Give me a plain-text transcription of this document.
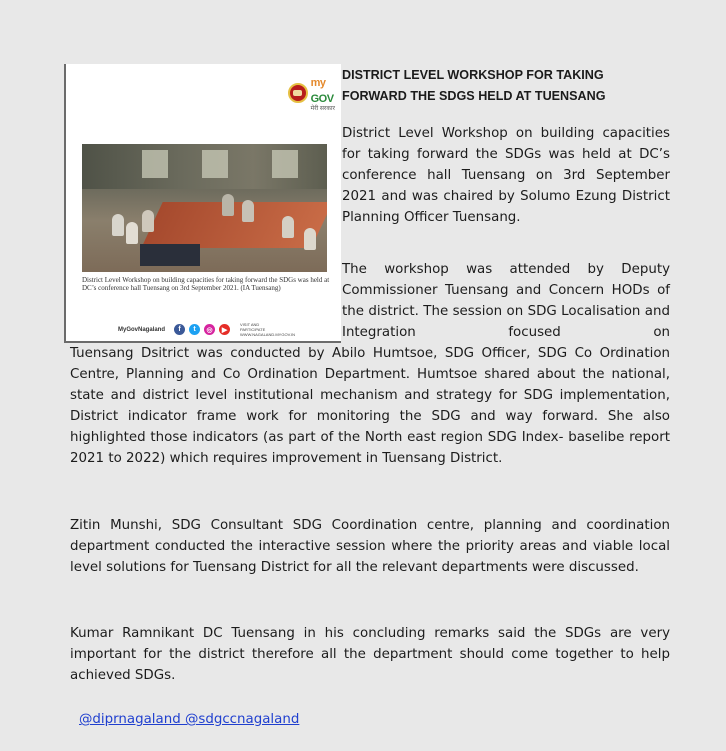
my
GOV
मेरी सरकार
District Level Workshop on building capacities for taking forward the SDGs was held at DC’s conference hall Tuensang on 3rd September 2021. (IA Tuensang)
MyGovNagaland	f	t	◎	▶
VISIT AND PARTICIPATE WWW.NAGALAND.MYGOV.IN
DISTRICT LEVEL WORKSHOP FOR TAKING FORWARD THE SDGS HELD AT TUENSANG

District Level Workshop on building capacities for taking forward the SDGs was held at DC’s conference hall Tuensang on 3rd September 2021 and was chaired by Solumo Ezung District Planning Officer Tuensang.

The workshop was attended by Deputy Commissioner Tuensang and Concern HODs of the district. The session on SDG Localisation and Integration focused on

Tuensang Dsitrict was conducted by Abilo Humtsoe, SDG Officer, SDG Co Ordination Centre, Planning and Co Ordination Department. Humtsoe shared about the national, state and district level institutional mechanism and strategy for SDG implementation, District indicator frame work for monitoring the SDG and way forward. She also highlighted those indicators (as part of the North east region SDG Index- baselibe report 2021 to 2022) which requires improvement in Tuensang District.

Zitin Munshi, SDG Consultant SDG Coordination centre, planning and coordination department conducted the interactive session where the priority areas and viable local level solutions for Tuensang District for all the relevant departments were discussed.

Kumar Ramnikant DC Tuensang in his concluding remarks said the SDGs are very important for the district therefore all the department should come together to help achieved SDGs.

@diprnagaland @sdgccnagaland
